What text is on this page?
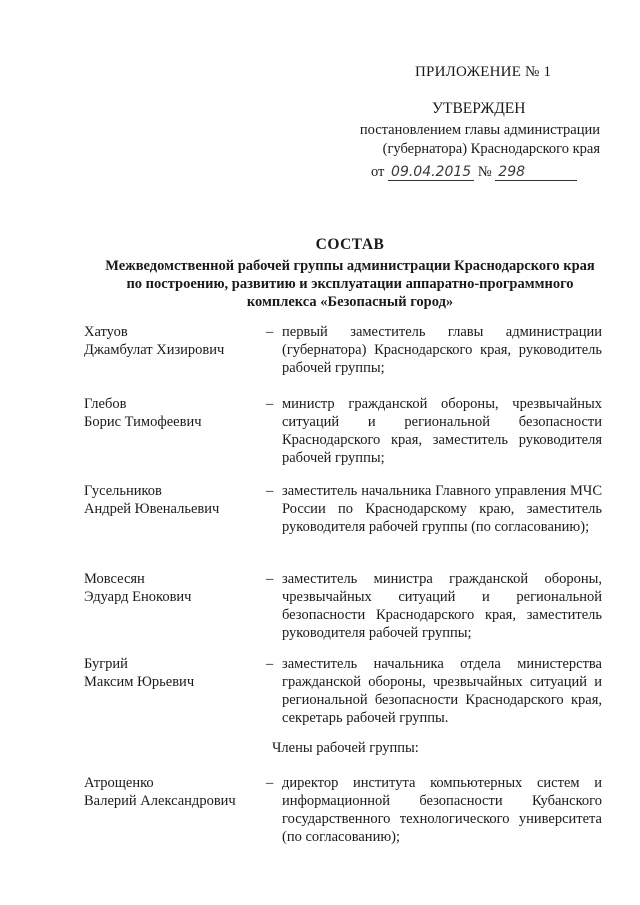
ПРИЛОЖЕНИЕ № 1
УТВЕРЖДЕН
постановлением главы администрации
(губернатора) Краснодарского края
от 09.04.2015 № 298
СОСТАВ
Межведомственной рабочей группы администрации Краснодарского края
по построению, развитию и эксплуатации аппаратно-программного
комплекса «Безопасный город»
Хатуов
Джамбулат Хизирович
– первый заместитель главы администрации (губернатора) Краснодарского края, руководитель рабочей группы;
Глебов
Борис Тимофеевич
– министр гражданской обороны, чрезвычайных ситуаций и региональной безопасности Краснодарского края, заместитель руководителя рабочей группы;
Гусельников
Андрей Ювенальевич
– заместитель начальника Главного управления МЧС России по Краснодарскому краю, заместитель руководителя рабочей группы (по согласованию);
Мовсесян
Эдуард Енокович
– заместитель министра гражданской обороны, чрезвычайных ситуаций и региональной безопасности Краснодарского края, заместитель руководителя рабочей группы;
Бугрий
Максим Юрьевич
– заместитель начальника отдела министерства гражданской обороны, чрезвычайных ситуаций и региональной безопасности Краснодарского края, секретарь рабочей группы.
Члены рабочей группы:
Атрощенко
Валерий Александрович
– директор института компьютерных систем и информационной безопасности Кубанского государственного технологического университета (по согласованию);
